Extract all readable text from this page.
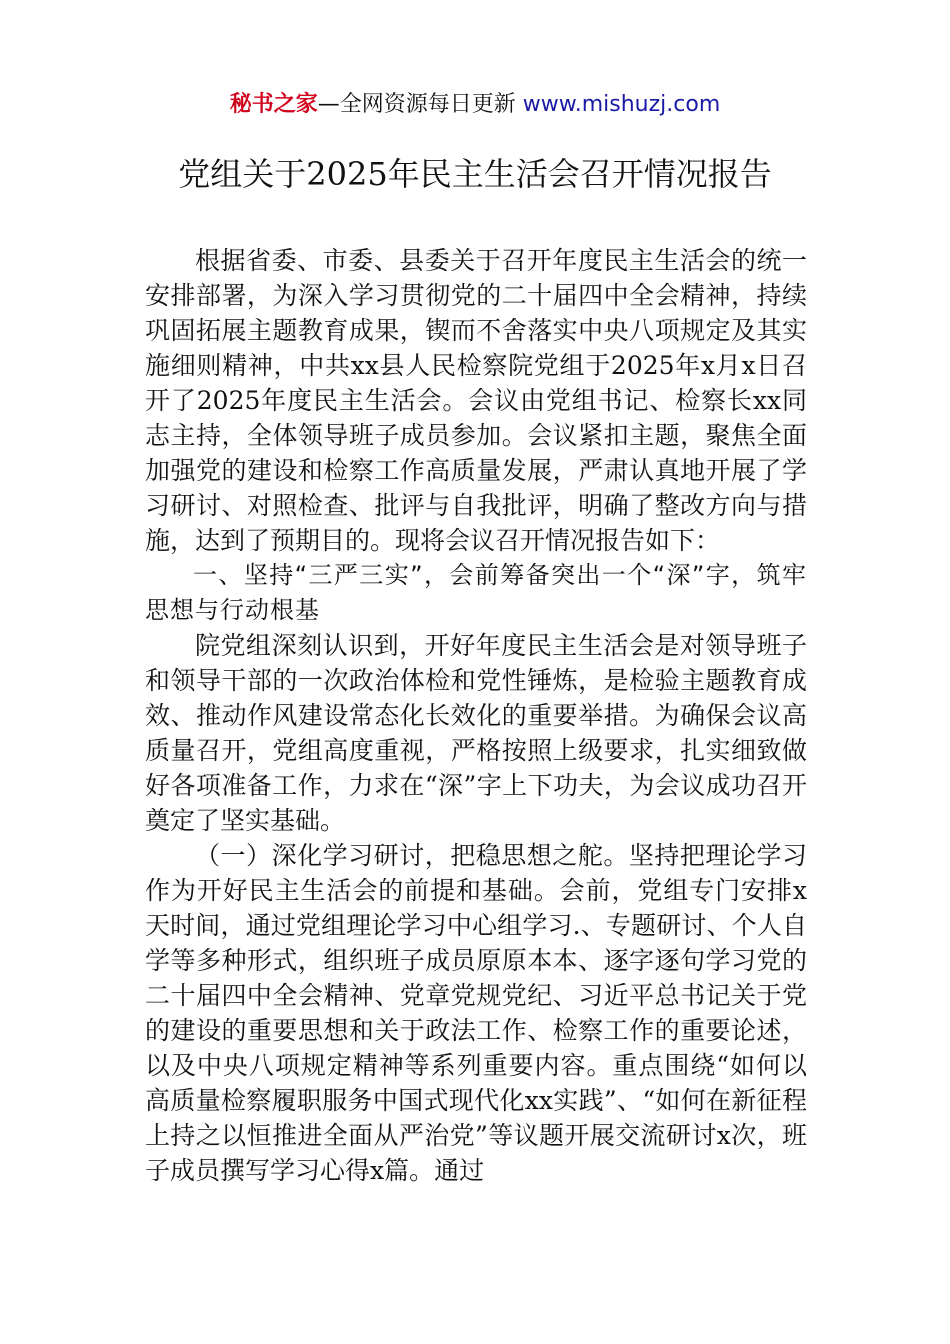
秘书之家—全网资源每日更新 www.mishuzj.com
党组关于2025年民主生活会召开情况报告

根据省委、市委、县委关于召开年度民主生活会的统一安排部署，为深入学习贯彻党的二十届四中全会精神，持续巩固拓展主题教育成果，锲而不舍落实中央八项规定及其实施细则精神，中共xx县人民检察院党组于2025年x月x日召开了2025年度民主生活会。会议由党组书记、检察长xx同志主持，全体领导班子成员参加。会议紧扣主题，聚焦全面加强党的建设和检察工作高质量发展，严肃认真地开展了学习研讨、对照检查、批评与自我批评，明确了整改方向与措施，达到了预期目的。现将会议召开情况报告如下：

一、坚持“三严三实”，会前筹备突出一个“深”字，筑牢思想与行动根基

院党组深刻认识到，开好年度民主生活会是对领导班子和领导干部的一次政治体检和党性锤炼，是检验主题教育成效、推动作风建设常态化长效化的重要举措。为确保会议高质量召开，党组高度重视，严格按照上级要求，扎实细致做好各项准备工作，力求在“深”字上下功夫，为会议成功召开奠定了坚实基础。

（一）深化学习研讨，把稳思想之舵。坚持把理论学习作为开好民主生活会的前提和基础。会前，党组专门安排x天时间，通过党组理论学习中心组学习.、专题研讨、个人自学等多种形式，组织班子成员原原本本、逐字逐句学习党的二十届四中全会精神、党章党规党纪、习近平总书记关于党的建设的重要思想和关于政法工作、检察工作的重要论述，以及中央八项规定精神等系列重要内容。重点围绕“如何以高质量检察履职服务中国式现代化xx实践”、“如何在新征程上持之以恒推进全面从严治党”等议题开展交流研讨x次，班子成员撰写学习心得x篇。通过
